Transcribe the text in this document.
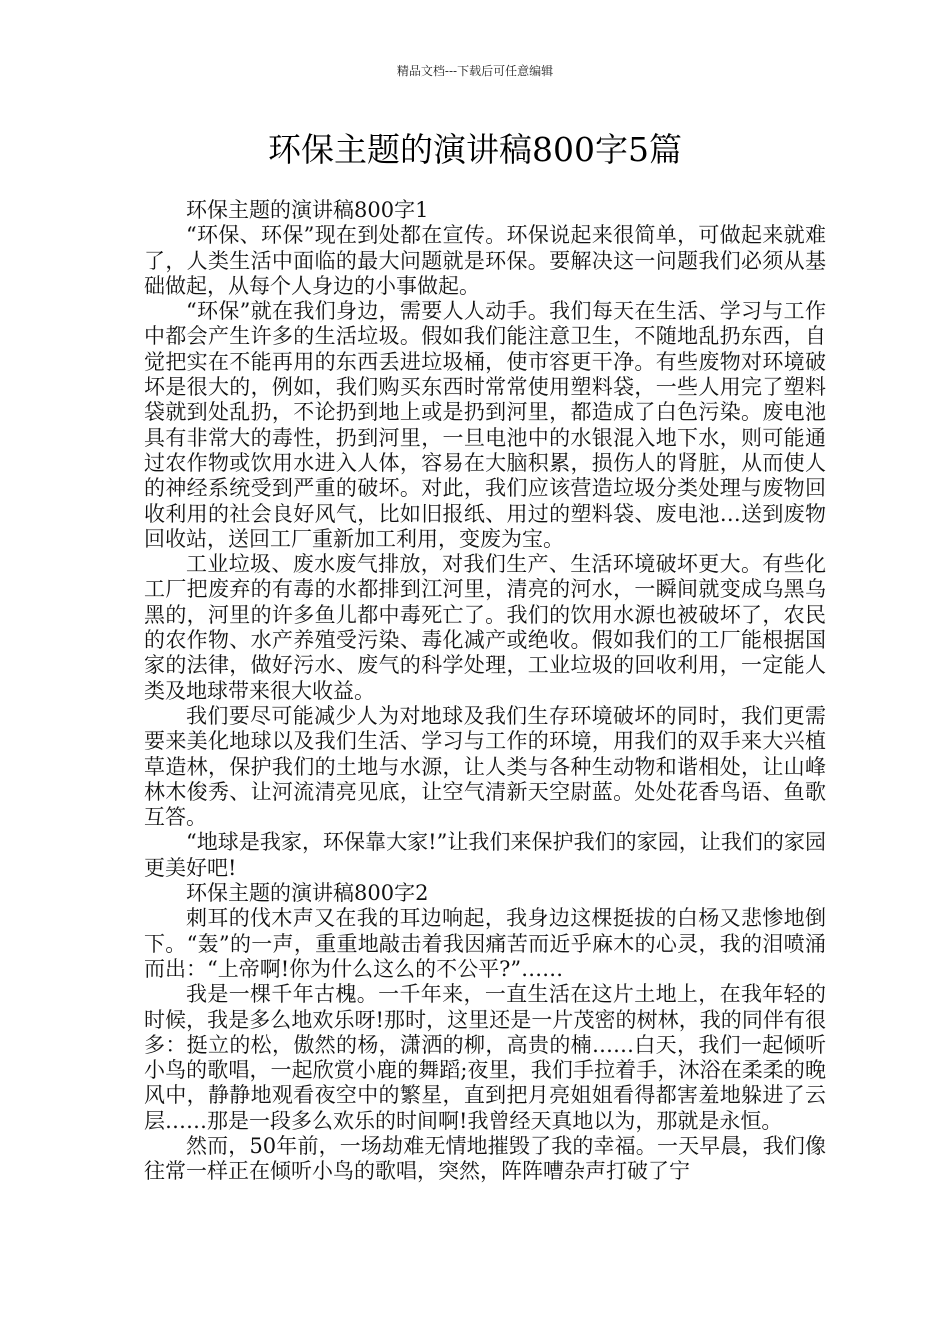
精品文档---下载后可任意编辑
环保主题的演讲稿800字5篇

环保主题的演讲稿800字1

“环保、环保”现在到处都在宣传。环保说起来很简单，可做起来就难了，人类生活中面临的最大问题就是环保。要解决这一问题我们必须从基础做起，从每个人身边的小事做起。

“环保”就在我们身边，需要人人动手。我们每天在生活、学习与工作中都会产生许多的生活垃圾。假如我们能注意卫生，不随地乱扔东西，自觉把实在不能再用的东西丢进垃圾桶，使市容更干净。有些废物对环境破坏是很大的，例如，我们购买东西时常常使用塑料袋，一些人用完了塑料袋就到处乱扔，不论扔到地上或是扔到河里，都造成了白色污染。废电池具有非常大的毒性，扔到河里，一旦电池中的水银混入地下水，则可能通过农作物或饮用水进入人体，容易在大脑积累，损伤人的肾脏，从而使人的神经系统受到严重的破坏。对此，我们应该营造垃圾分类处理与废物回收利用的社会良好风气，比如旧报纸、用过的塑料袋、废电池…送到废物回收站，送回工厂重新加工利用，变废为宝。

工业垃圾、废水废气排放，对我们生产、生活环境破坏更大。有些化工厂把废弃的有毒的水都排到江河里，清亮的河水，一瞬间就变成乌黑乌黑的，河里的许多鱼儿都中毒死亡了。我们的饮用水源也被破坏了，农民的农作物、水产养殖受污染、毒化减产或绝收。假如我们的工厂能根据国家的法律，做好污水、废气的科学处理，工业垃圾的回收利用，一定能人类及地球带来很大收益。

我们要尽可能减少人为对地球及我们生存环境破坏的同时，我们更需要来美化地球以及我们生活、学习与工作的环境，用我们的双手来大兴植草造林，保护我们的土地与水源，让人类与各种生动物和谐相处，让山峰林木俊秀、让河流清亮见底，让空气清新天空尉蓝。处处花香鸟语、鱼歌互答。

“地球是我家，环保靠大家!”让我们来保护我们的家园，让我们的家园更美好吧!

环保主题的演讲稿800字2

刺耳的伐木声又在我的耳边响起，我身边这棵挺拔的白杨又悲惨地倒下。“轰”的一声，重重地敲击着我因痛苦而近乎麻木的心灵，我的泪喷涌而出：“上帝啊!你为什么这么的不公平?”……

我是一棵千年古槐。一千年来，一直生活在这片土地上，在我年轻的时候，我是多么地欢乐呀!那时，这里还是一片茂密的树林，我的同伴有很多：挺立的松，傲然的杨，潇洒的柳，高贵的楠……白天，我们一起倾听小鸟的歌唱，一起欣赏小鹿的舞蹈;夜里，我们手拉着手，沐浴在柔柔的晚风中，静静地观看夜空中的繁星，直到把月亮姐姐看得都害羞地躲进了云层……那是一段多么欢乐的时间啊!我曾经天真地以为，那就是永恒。

然而，50年前，一场劫难无情地摧毁了我的幸福。一天早晨，我们像往常一样正在倾听小鸟的歌唱，突然，阵阵嘈杂声打破了宁
